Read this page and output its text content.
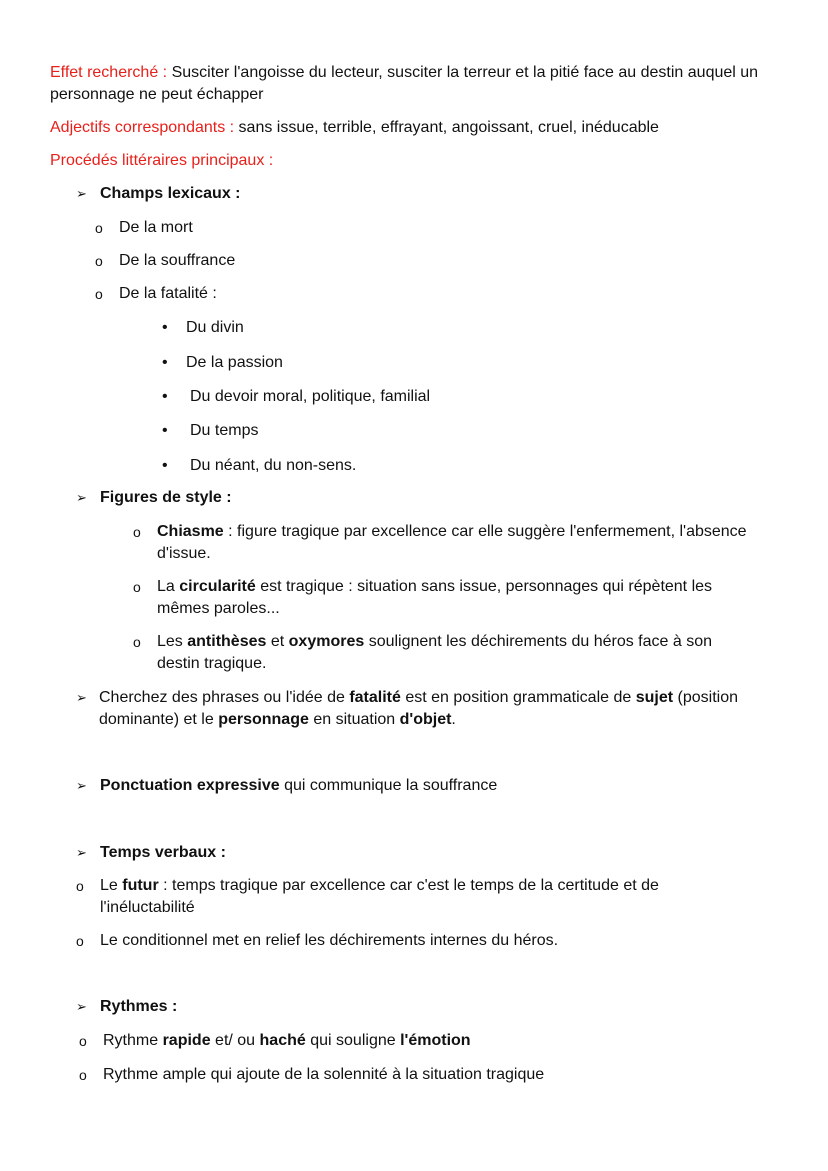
Effet recherché : Susciter l'angoisse du lecteur, susciter la terreur et la pitié face au destin auquel un personnage ne peut échapper
Adjectifs correspondants : sans issue, terrible, effrayant, angoissant, cruel, inéducable
Procédés littéraires principaux :
➢ Champs lexicaux :
o De la mort
o De la souffrance
o De la fatalité :
• Du divin
• De la passion
• Du devoir moral, politique, familial
• Du temps
• Du néant, du non-sens.
➢ Figures de style :
o Chiasme : figure tragique par excellence car elle suggère l'enfermement, l'absence d'issue.
o La circularité est tragique : situation sans issue, personnages qui répètent les mêmes paroles...
o Les antithèses et oxymores soulignent les déchirements du héros face à son destin tragique.
➢ Cherchez des phrases ou l'idée de fatalité est en position grammaticale de sujet (position dominante) et le personnage en situation d'objet.
➢ Ponctuation expressive qui communique la souffrance
➢ Temps verbaux :
o Le futur : temps tragique par excellence car c'est le temps de la certitude et de l'inéluctabilité
o Le conditionnel met en relief les déchirements internes du héros.
➢ Rythmes :
o Rythme rapide et/ ou haché qui souligne l'émotion
o Rythme ample qui ajoute de la solennité à la situation tragique
